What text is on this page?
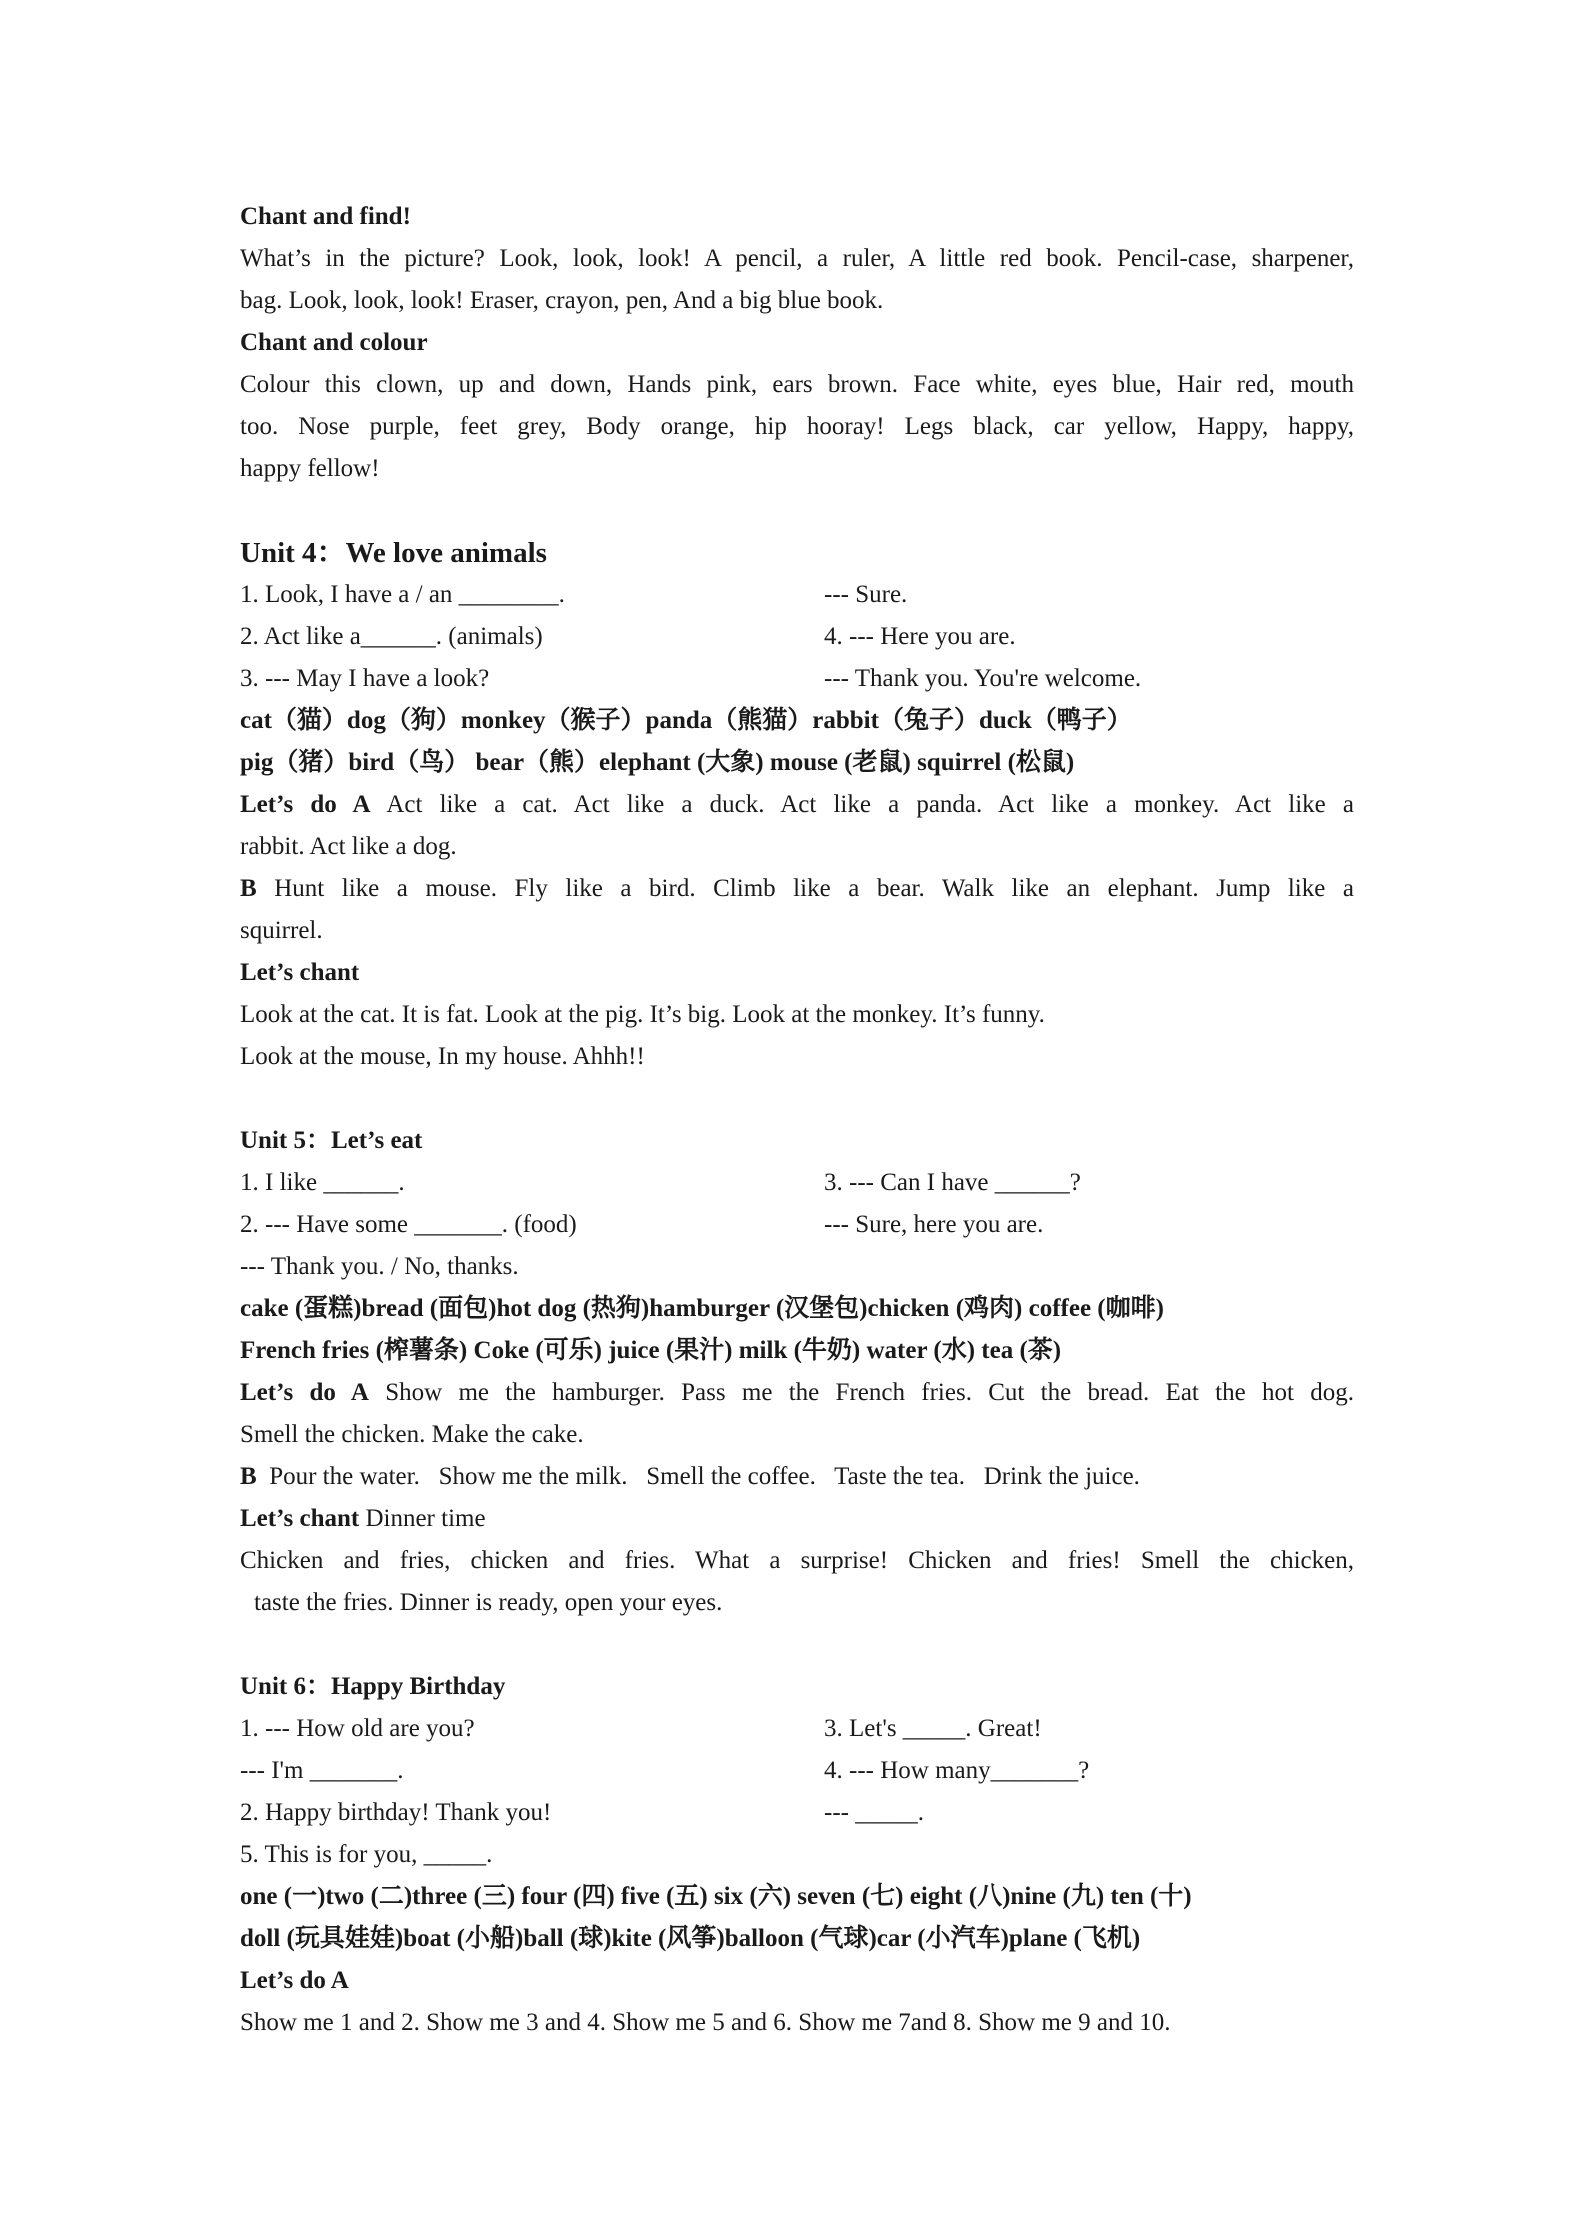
Chant and find!
What’s in the picture? Look, look, look! A pencil, a ruler, A little red book. Pencil-case, sharpener,
bag. Look, look, look! Eraser, crayon, pen, And a big blue book.
Chant and colour
Colour this clown, up and down, Hands pink, ears brown. Face white, eyes blue, Hair red, mouth
too. Nose purple, feet grey, Body orange, hip hooray! Legs black, car yellow, Happy, happy,
happy fellow!
Unit 4：We love animals
1. Look, I have a / an ________.	--- Sure.
2. Act like a______. (animals)	4. --- Here you are.
3. --- May I have a look?	--- Thank you. You're welcome.
cat（猫）dog（狗）monkey（猴子）panda（熊猫）rabbit（兔子）duck（鸭子）
pig（猪）bird（鸟） bear（熊）elephant (大象) mouse (老鼠) squirrel (松鼠)
Let’s do A Act like a cat. Act like a duck. Act like a panda. Act like a monkey. Act like a
rabbit. Act like a dog.
B Hunt like a mouse. Fly like a bird. Climb like a bear. Walk like an elephant. Jump like a
squirrel.
Let’s chant
Look at the cat. It is fat. Look at the pig. It’s big. Look at the monkey. It’s funny.
Look at the mouse, In my house. Ahhh!!
Unit 5：Let’s eat
1. I like ______.	3. --- Can I have ______?
2. --- Have some _______. (food)	--- Sure, here you are.
--- Thank you. / No, thanks.
cake (蛋糕)bread (面包)hot dog (热狗)hamburger (汉堡包)chicken (鸡肉) coffee (咖啡)
French fries (榨薯条) Coke (可乐) juice (果汁) milk (牛奶) water (水) tea (茶)
Let’s do A Show me the hamburger. Pass me the French fries. Cut the bread. Eat the hot dog.
Smell the chicken. Make the cake.
B  Pour the water.   Show me the milk.   Smell the coffee.   Taste the tea.   Drink the juice.
Let’s chant Dinner time
Chicken and fries, chicken and fries. What a surprise! Chicken and fries! Smell the chicken,
taste the fries. Dinner is ready, open your eyes.
Unit 6：Happy Birthday
1. --- How old are you?	3. Let's _____. Great!
--- I'm _______.	4. --- How many_______?
2. Happy birthday! Thank you!	--- _____.
5. This is for you, _____.
one (一)two (二)three (三) four (四) five (五) six (六) seven (七) eight (八)nine (九) ten (十)
doll (玩具娃娃)boat (小船)ball (球)kite (风筝)balloon (气球)car (小汽车)plane (飞机)
Let’s do A
Show me 1 and 2. Show me 3 and 4. Show me 5 and 6. Show me 7and 8. Show me 9 and 10.
